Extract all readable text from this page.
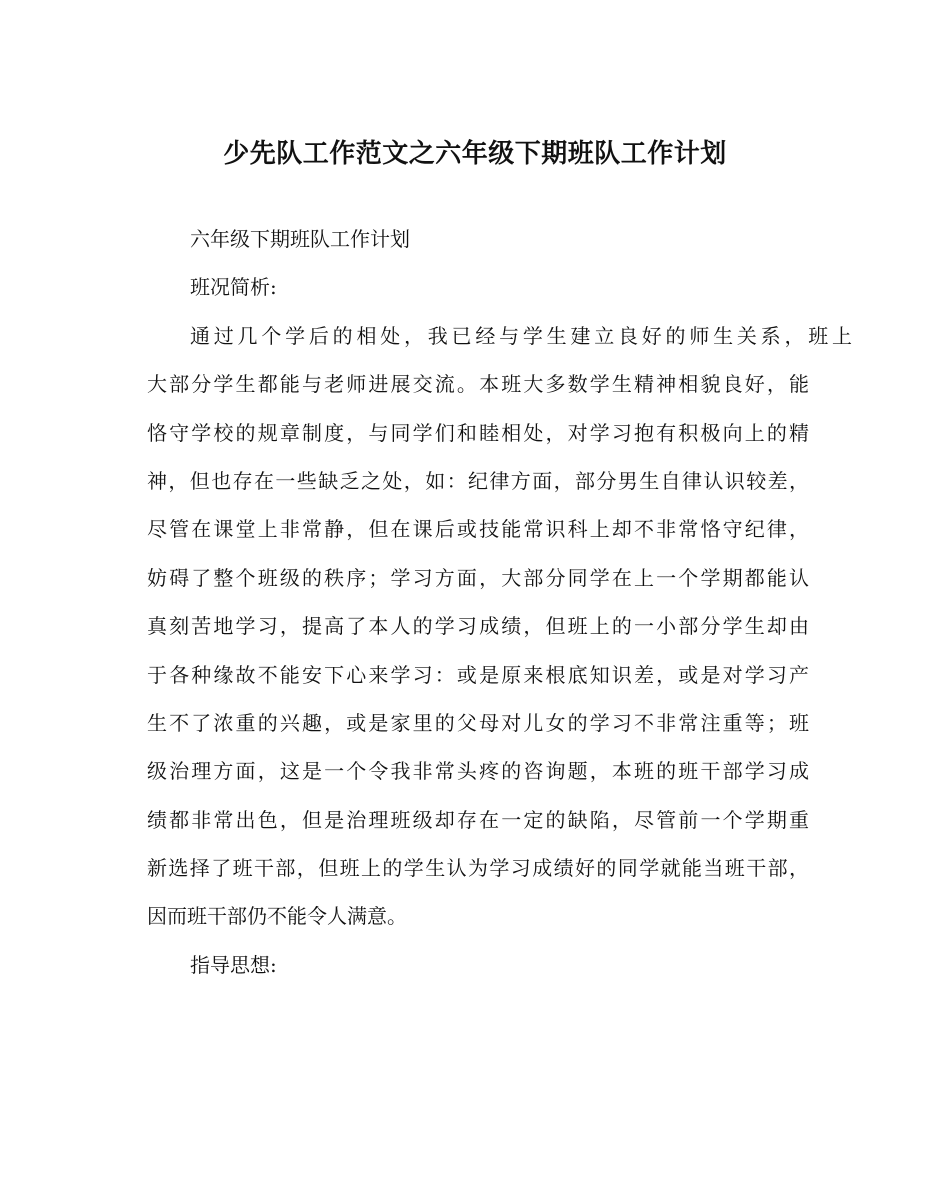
少先队工作范文之六年级下期班队工作计划
六年级下期班队工作计划
班况简析:
通过几个学后的相处，我已经与学生建立良好的师生关系，班上
大部分学生都能与老师进展交流。本班大多数学生精神相貌良好，能
恪守学校的规章制度，与同学们和睦相处，对学习抱有积极向上的精
神，但也存在一些缺乏之处，如：纪律方面，部分男生自律认识较差，
尽管在课堂上非常静，但在课后或技能常识科上却不非常恪守纪律，
妨碍了整个班级的秩序；学习方面，大部分同学在上一个学期都能认
真刻苦地学习，提高了本人的学习成绩，但班上的一小部分学生却由
于各种缘故不能安下心来学习：或是原来根底知识差，或是对学习产
生不了浓重的兴趣，或是家里的父母对儿女的学习不非常注重等；班
级治理方面，这是一个令我非常头疼的咨询题，本班的班干部学习成
绩都非常出色，但是治理班级却存在一定的缺陷，尽管前一个学期重
新选择了班干部，但班上的学生认为学习成绩好的同学就能当班干部，
因而班干部仍不能令人满意。
指导思想:
